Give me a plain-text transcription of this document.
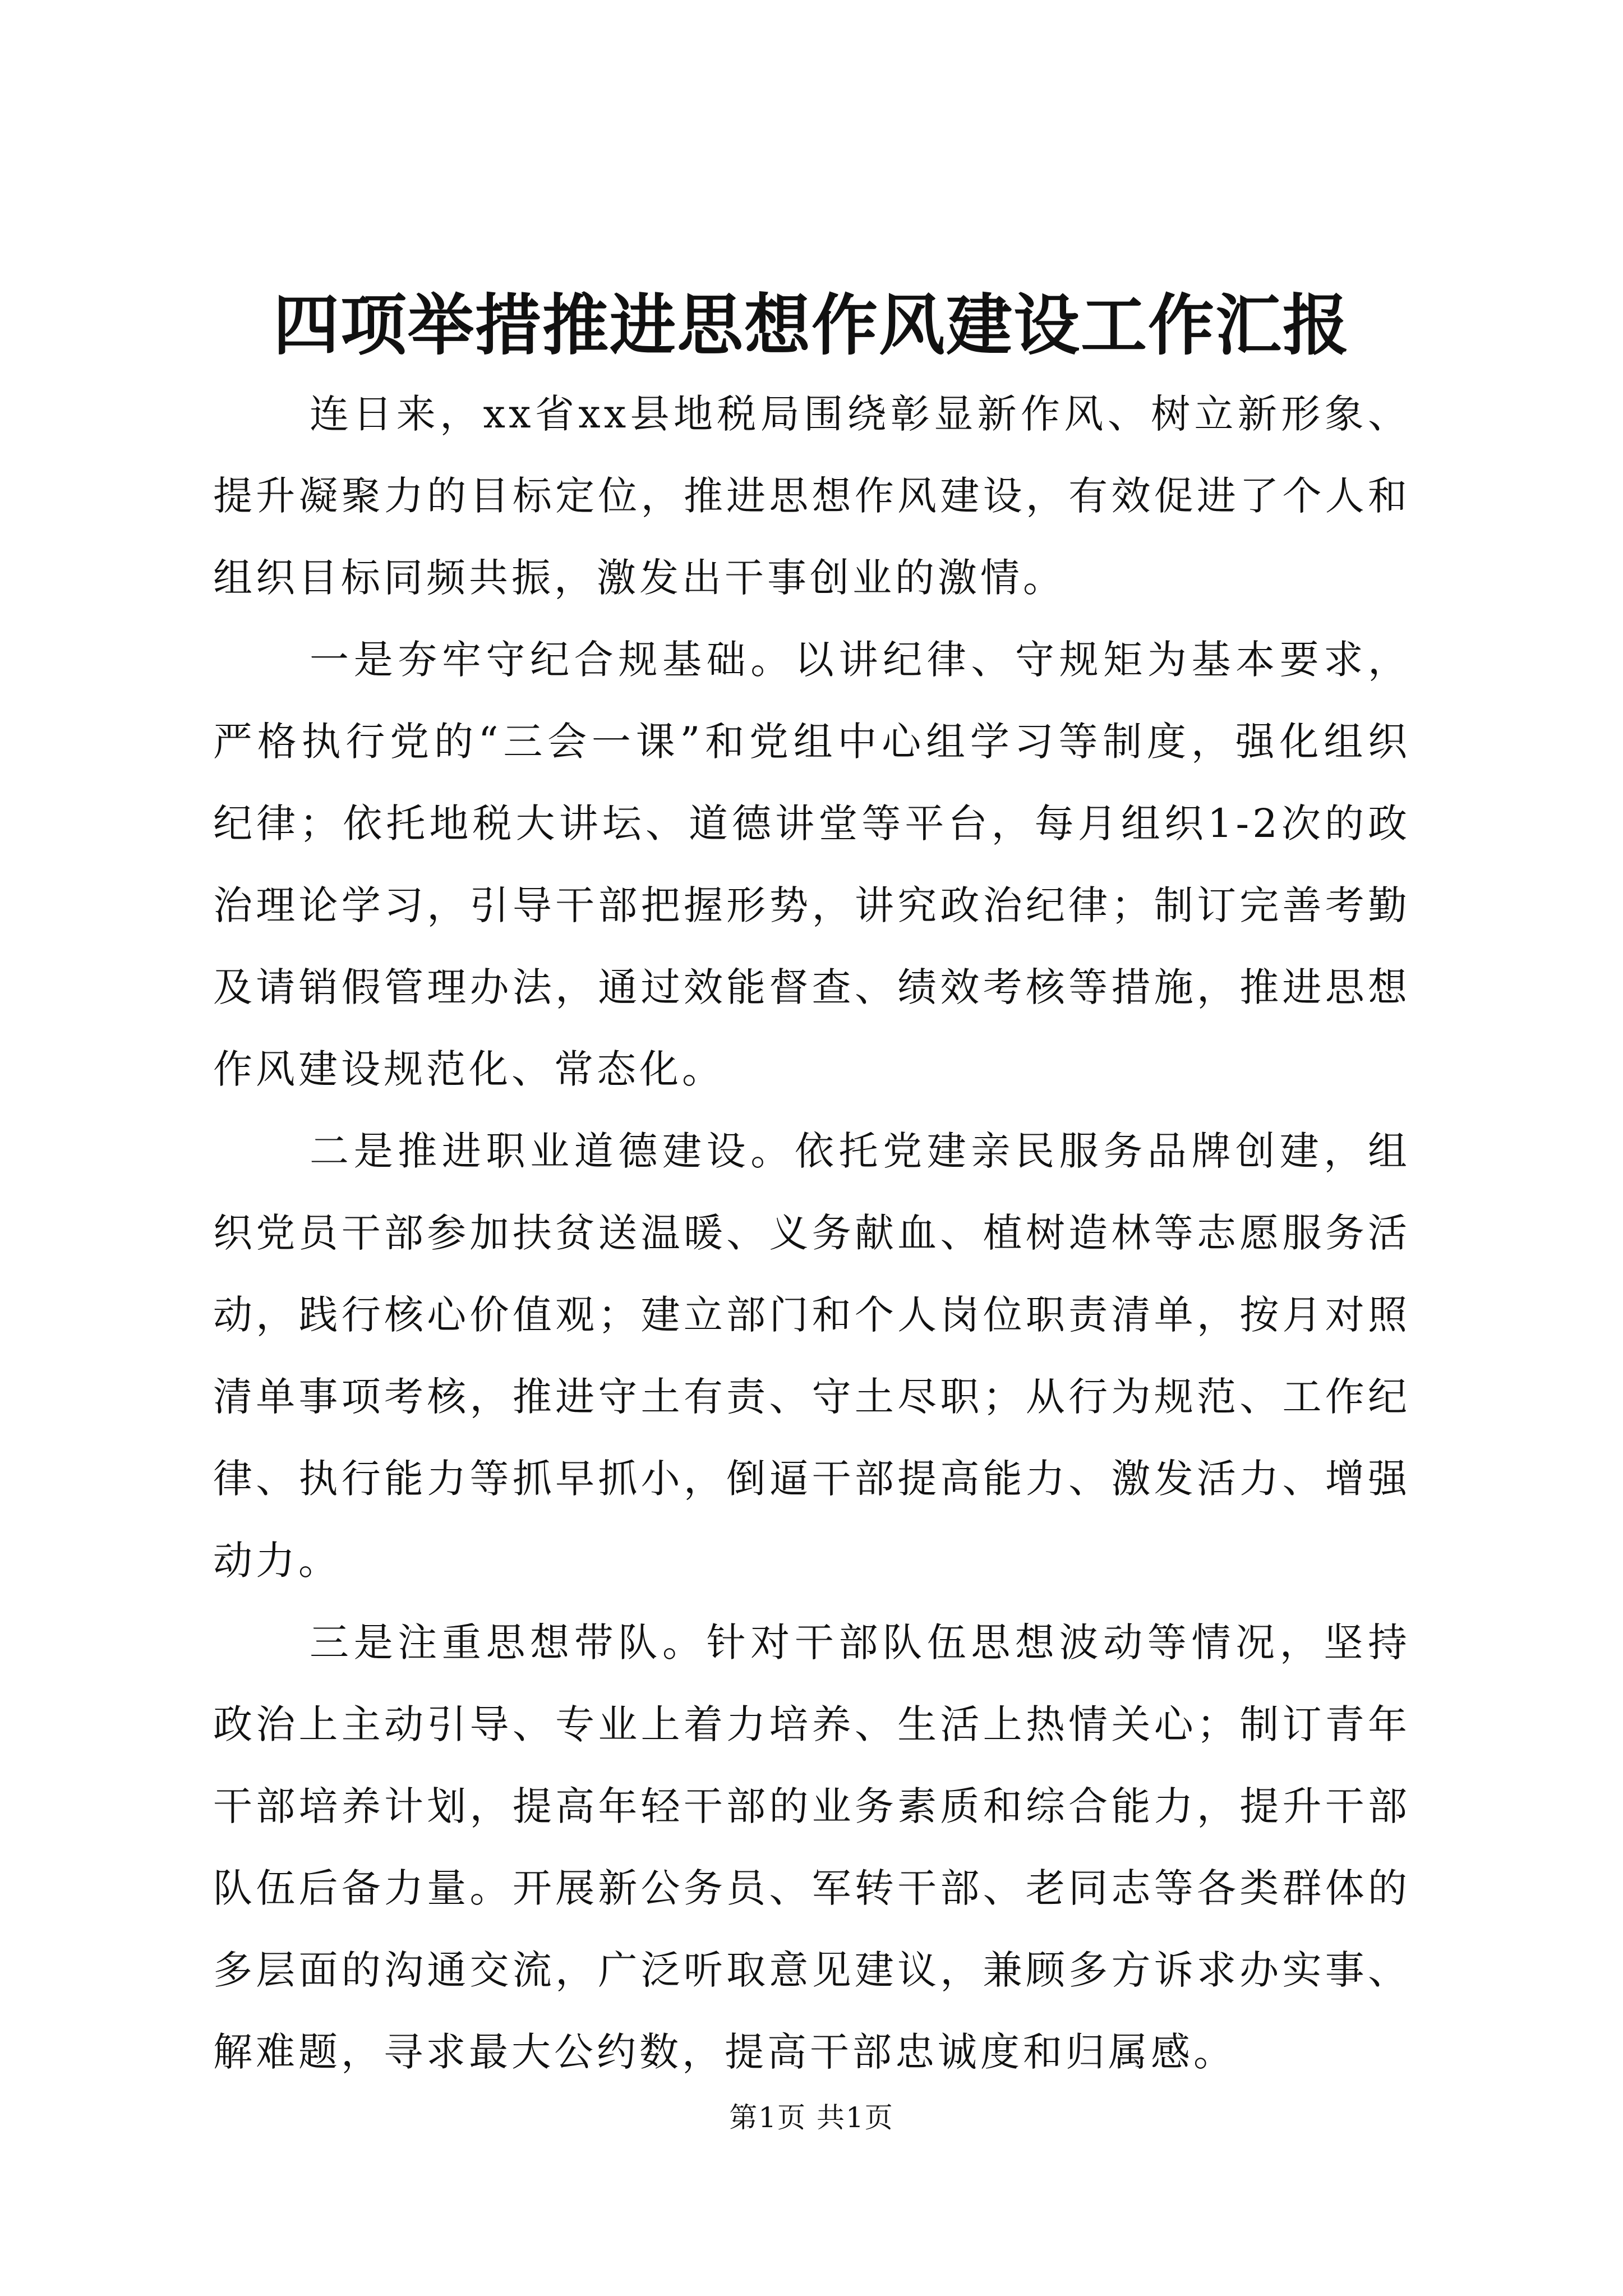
四项举措推进思想作风建设工作汇报

连日来，xx省xx县地税局围绕彰显新作风、树立新形象、提升凝聚力的目标定位，推进思想作风建设，有效促进了个人和组织目标同频共振，激发出干事创业的激情。

一是夯牢守纪合规基础。以讲纪律、守规矩为基本要求，严格执行党的“三会一课”和党组中心组学习等制度，强化组织纪律；依托地税大讲坛、道德讲堂等平台，每月组织1-2次的政治理论学习，引导干部把握形势，讲究政治纪律；制订完善考勤及请销假管理办法，通过效能督查、绩效考核等措施，推进思想作风建设规范化、常态化。

二是推进职业道德建设。依托党建亲民服务品牌创建，组织党员干部参加扶贫送温暖、义务献血、植树造林等志愿服务活动，践行核心价值观；建立部门和个人岗位职责清单，按月对照清单事项考核，推进守土有责、守土尽职；从行为规范、工作纪律、执行能力等抓早抓小，倒逼干部提高能力、激发活力、增强动力。

三是注重思想带队。针对干部队伍思想波动等情况，坚持政治上主动引导、专业上着力培养、生活上热情关心；制订青年干部培养计划，提高年轻干部的业务素质和综合能力，提升干部队伍后备力量。开展新公务员、军转干部、老同志等各类群体的多层面的沟通交流，广泛听取意见建议，兼顾多方诉求办实事、解难题，寻求最大公约数，提高干部忠诚度和归属感。

第1页 共1页
